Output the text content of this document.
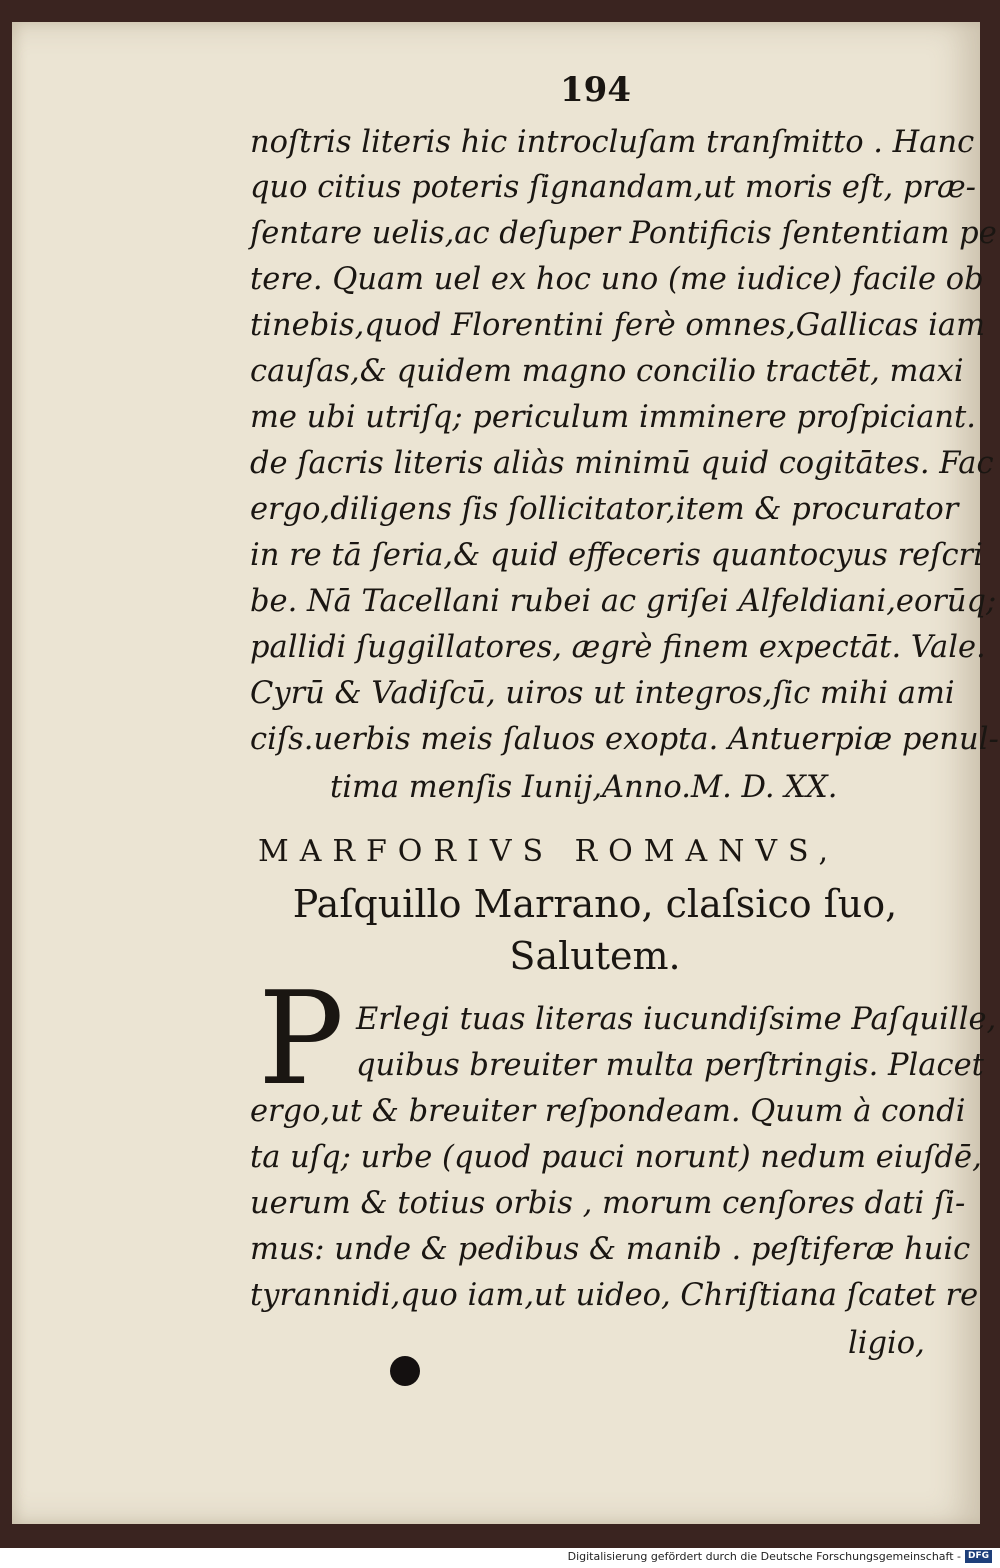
194
noſtris literis hic introcluſam tranſmitto . Hanc
quo citius poteris ſignandam,ut moris eſt, præ-
ſentare uelis,ac deſuper Pontificis ſententiam pe
tere. Quam uel ex hoc uno (me iudice) facile ob
tinebis,quod Florentini ferè omnes,Gallicas iam
cauſas,& quidem magno concilio tractēt, maxi
me ubi utriſq; periculum imminere proſpiciant.
de ſacris literis aliàs minimū quid cogitātes. Fac
ergo,diligens ſis ſollicitator,item & procurator
in re tā ſeria,& quid effeceris quantocyus reſcri
be. Nā Tacellani rubei ac griſei Alfeldiani,eorūq;
pallidi ſuggillatores, ægrè finem expectāt. Vale.
Cyrū & Vadiſcū, uiros ut integros,ſic mihi ami
ciſs.uerbis meis ſaluos exopta. Antuerpiæ penul-
tima menſis Iunij,Anno.M. D. XX.
MARFORIVS ROMANVS,
Paſquillo Marrano, claſsico ſuo,
Salutem.
P Erlegi tuas literas iucundiſsime Paſquille,
quibus breuiter multa perſtringis. Placet
ergo,ut & breuiter reſpondeam. Quum à condi
ta uſq; urbe (quod pauci norunt) nedum eiuſdē,
uerum & totius orbis , morum cenſores dati ſi-
mus: unde & pedibus & manib . peſtiferæ huic
tyrannidi,quo iam,ut uideo, Chriſtiana ſcatet re
ligio,
Digitalisierung gefördert durch die Deutsche Forschungsgemeinschaft - DFG
